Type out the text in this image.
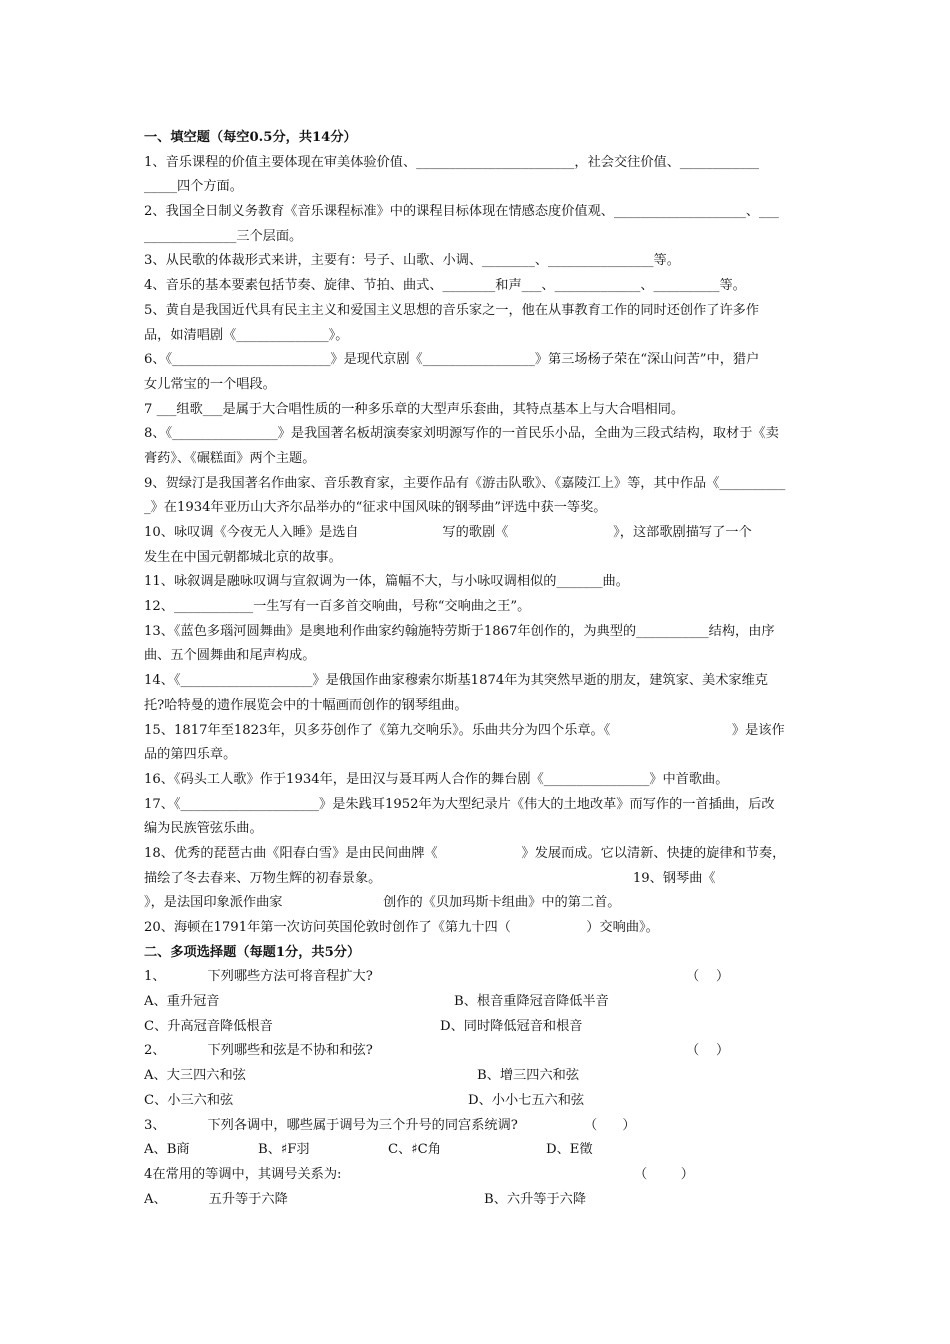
一、填空题（每空0.5分，共14分）
1、音乐课程的价值主要体现在审美体验价值、________________________，社会交往价值、____________
_____四个方面。
2、我国全日制义务教育《音乐课程标准》中的课程目标体现在情感态度价值观、____________________、___
______________三个层面。
3、从民歌的体裁形式来讲，主要有：号子、山歌、小调、________、________________等。
4、音乐的基本要素包括节奏、旋律、节拍、曲式、________和声___、_____________、__________等。
5、黄自是我国近代具有民主主义和爱国主义思想的音乐家之一，他在从事教育工作的同时还创作了许多作
品，如清唱剧《______________》。
6、《________________________》是现代京剧《_________________》第三场杨子荣在“深山问苦”中，猎户
女儿常宝的一个唱段。
7 ___组歌___是属于大合唱性质的一种多乐章的大型声乐套曲，其特点基本上与大合唱相同。
8、《________________》是我国著名板胡演奏家刘明源写作的一首民乐小品，全曲为三段式结构，取材于《卖
膏药》、《碾糕面》两个主题。
9、贺绿汀是我国著名作曲家、音乐教育家，主要作品有《游击队歌》、《嘉陵江上》等，其中作品《__________
_》在1934年亚历山大齐尔品举办的“征求中国风味的钢琴曲”评选中获一等奖。
10、咏叹调《今夜无人入睡》是选自                    写的歌剧《                         》，这部歌剧描写了一个
发生在中国元朝都城北京的故事。
11、咏叙调是融咏叹调与宣叙调为一体，篇幅不大，与小咏叹调相似的_______曲。
12、____________一生写有一百多首交响曲，号称“交响曲之王”。
13、《蓝色多瑙河圆舞曲》是奥地利作曲家约翰施特劳斯于1867年创作的，为典型的___________结构，由序
曲、五个圆舞曲和尾声构成。
14、《____________________》是俄国作曲家穆索尔斯基1874年为其突然早逝的朋友，建筑家、美术家维克
托?哈特曼的遗作展览会中的十幅画而创作的钢琴组曲。
15、1817年至1823年，贝多芬创作了《第九交响乐》。乐曲共分为四个乐章。《                             》是该作
品的第四乐章。
16、《码头工人歌》作于1934年，是田汉与聂耳两人合作的舞台剧《________________》中首歌曲。
17、《_____________________》是朱践耳1952年为大型纪录片《伟大的土地改革》而写作的一首插曲，后改
编为民族管弦乐曲。
18、优秀的琵琶古曲《阳春白雪》是由民间曲牌《                    》发展而成。它以清新、快捷的旋律和节奏，
描绘了冬去春来、万物生辉的初春景象。                                                            19、钢琴曲《
》，是法国印象派作曲家                        创作的《贝加玛斯卡组曲》中的第二首。
20、海顿在1791年第一次访问英国伦敦时创作了《第九十四（                  ）交响曲》。
二、多项选择题（每题1分，共5分）
1、          下列哪些方法可将音程扩大?	（    ）
A、重升冠音	B、根音重降冠音降低半音
C、升高冠音降低根音	D、同时降低冠音和根音
2、          下列哪些和弦是不协和和弦?	（    ）
A、大三四六和弦	B、增三四六和弦
C、小三六和弦	D、小小七五六和弦
3、          下列各调中，哪些属于调号为三个升号的同宫系统调?	（      ）
A、B商	B、♯F羽	C、♯C角	D、E徵
4在常用的等调中，其调号关系为:	（        ）
A、          五升等于六降	B、六升等于六降
